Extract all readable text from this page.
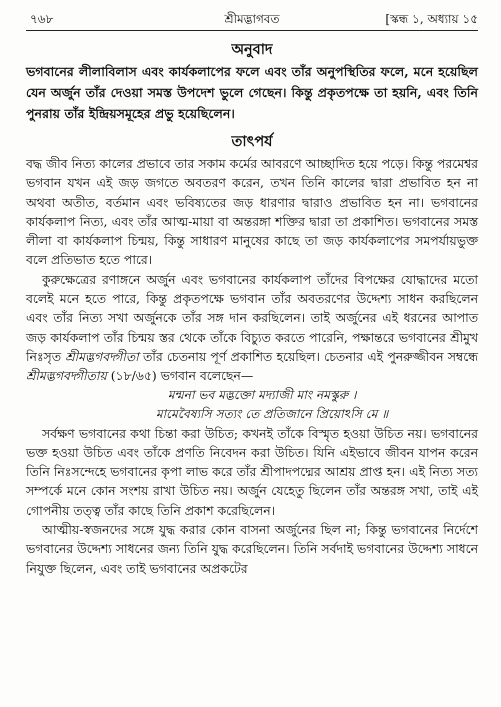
৭৬৮	শ্রীমদ্ভাগবত	[স্কন্ধ ১, অধ্যায় ১৫
অনুবাদ

ভগবানের লীলাবিলাস এবং কার্যকলাপের ফলে এবং তাঁর অনুপস্থিতির ফলে, মনে হয়েছিল যেন অর্জুন তাঁর দেওয়া সমস্ত উপদেশ ভুলে গেছেন। কিন্তু প্রকৃতপক্ষে তা হয়নি, এবং তিনি পুনরায় তাঁর ইন্দ্রিয়সমূহের প্রভু হয়েছিলেন।

তাৎপর্য

বদ্ধ জীব নিত্য কালের প্রভাবে তার সকাম কর্মের আবরণে আচ্ছাদিত হয়ে পড়ে। কিন্তু পরমেশ্বর ভগবান যখন এই জড় জগতে অবতরণ করেন, তখন তিনি কালের দ্বারা প্রভাবিত হন না অথবা অতীত, বর্তমান এবং ভবিষ্যতের জড় ধারণার দ্বারাও প্রভাবিত হন না। ভগবানের কার্যকলাপ নিত্য, এবং তাঁর আত্ম-মায়া বা অন্তরঙ্গা শক্তির দ্বারা তা প্রকাশিত। ভগবানের সমস্ত লীলা বা কার্যকলাপ চিন্ময়, কিন্তু সাধারণ মানুষের কাছে তা জড় কার্যকলাপের সমপর্যায়ভুক্ত বলে প্রতিভাত হতে পারে।

কুরুক্ষেত্রের রণাঙ্গনে অর্জুন এবং ভগবানের কার্যকলাপ তাঁদের বিপক্ষের যোদ্ধাদের মতো বলেই মনে হতে পারে, কিন্তু প্রকৃতপক্ষে ভগবান তাঁর অবতরণের উদ্দেশ্য সাধন করছিলেন এবং তাঁর নিত্য সখা অর্জুনকে তাঁর সঙ্গ দান করছিলেন। তাই অর্জুনের এই ধরনের আপাত জড় কার্যকলাপ তাঁর চিন্ময় স্তর থেকে তাঁকে বিচ্যুত করতে পারেনি, পক্ষান্তরে ভগবানের শ্রীমুখ নিঃসৃত শ্রীমদ্ভগবদ্গীতা তাঁর চেতনায় পূর্ণ প্রকাশিত হয়েছিল। চেতনার এই পুনরুজ্জীবন সম্বন্ধে শ্রীমদ্ভগবদ্গীতায় (১৮/৬৫) ভগবান বলেছেন—

মন্মনা ভব মদ্ভক্তো মদ্যাজী মাং নমস্কুরু ।
মামেবৈষ্যসি সত্যং তে প্রতিজানে প্রিয়োঽসি মে ॥

সর্বক্ষণ ভগবানের কথা চিন্তা করা উচিত; কখনই তাঁকে বিস্মৃত হওয়া উচিত নয়। ভগবানের ভক্ত হওয়া উচিত এবং তাঁকে প্রণতি নিবেদন করা উচিত। যিনি এইভাবে জীবন যাপন করেন তিনি নিঃসন্দেহে ভগবানের কৃপা লাভ করে তাঁর শ্রীপাদপদ্মের আশ্রয় প্রাপ্ত হন। এই নিত্য সত্য সম্পর্কে মনে কোন সংশয় রাখা উচিত নয়। অর্জুন যেহেতু ছিলেন তাঁর অন্তরঙ্গ সখা, তাই এই গোপনীয় তত্ত্ব তাঁর কাছে তিনি প্রকাশ করেছিলেন।

আত্মীয়-স্বজনদের সঙ্গে যুদ্ধ করার কোন বাসনা অর্জুনের ছিল না; কিন্তু ভগবানের নির্দেশে ভগবানের উদ্দেশ্য সাধনের জন্য তিনি যুদ্ধ করেছিলেন। তিনি সর্বদাই ভগবানের উদ্দেশ্য সাধনে নিযুক্ত ছিলেন, এবং তাই ভগবানের অপ্রকটের
